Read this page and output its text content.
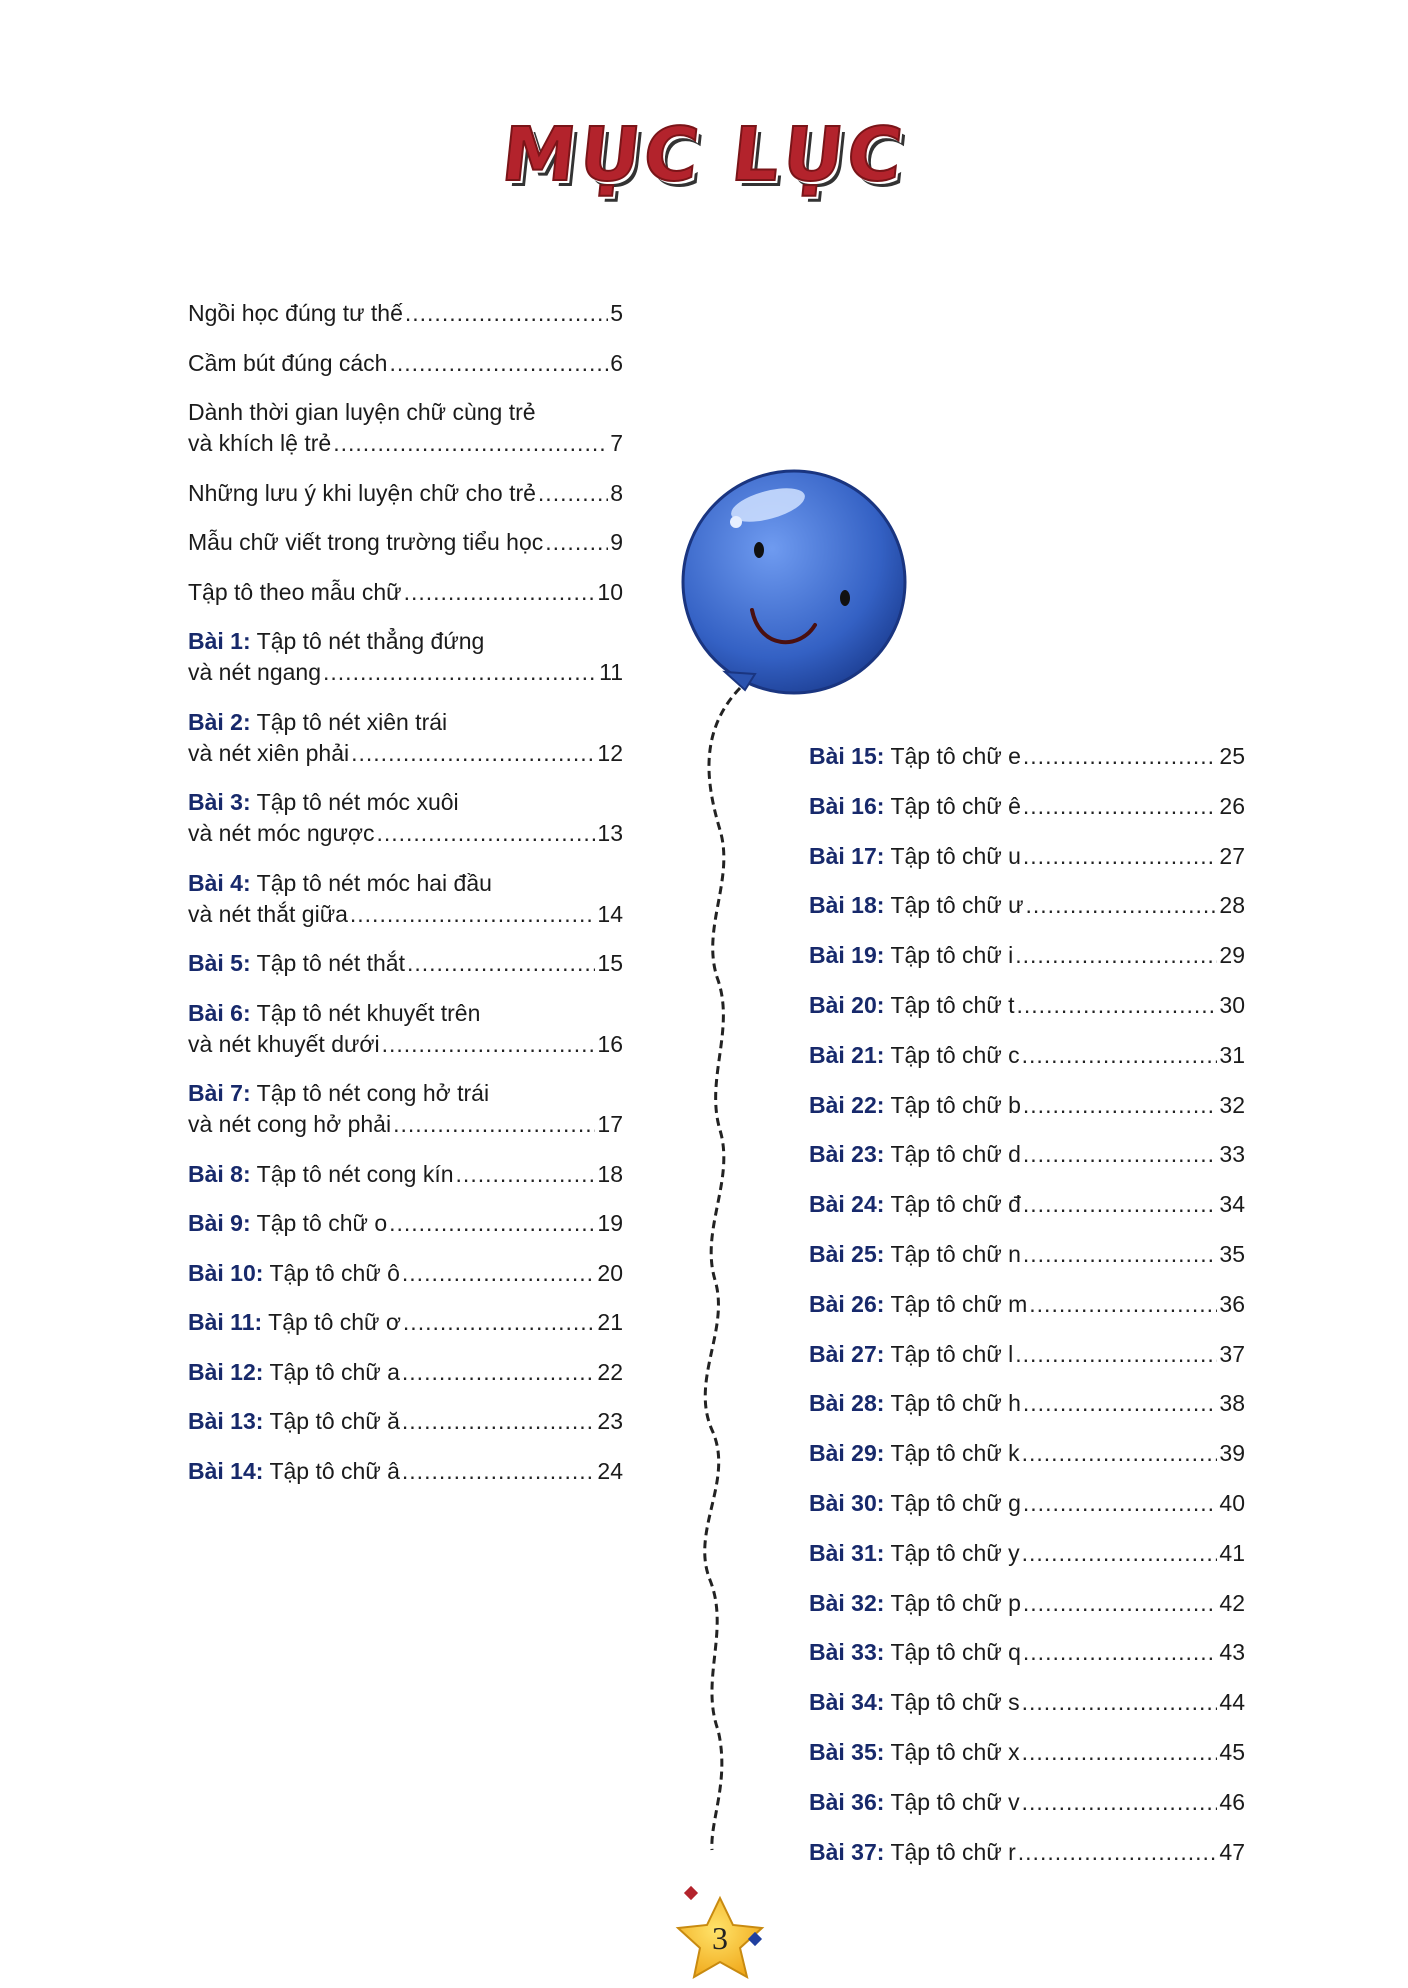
MỤC LỤC
Ngồi học đúng tư thế .....	5
Cầm bút đúng cách .....	6
Dành thời gian luyện chữ cùng trẻ
và khích lệ trẻ .....	7
Những lưu ý khi luyện chữ cho trẻ .....	8
Mẫu chữ viết trong trường tiểu học .....	9
Tập tô theo mẫu chữ .....	10
Bài 1: Tập tô nét thẳng đứng
và nét ngang .....	11
Bài 2: Tập tô nét xiên trái
và nét xiên phải .....	12
Bài 3: Tập tô nét móc xuôi
và nét móc ngược .....	13
Bài 4: Tập tô nét móc hai đầu
và nét thắt giữa .....	14
Bài 5: Tập tô nét thắt .....	15
Bài 6: Tập tô nét khuyết trên
và nét khuyết dưới .....	16
Bài 7: Tập tô nét cong hở trái
và nét cong hở phải .....	17
Bài 8: Tập tô nét cong kín .....	18
Bài 9: Tập tô chữ o .....	19
Bài 10: Tập tô chữ ô .....	20
Bài 11: Tập tô chữ ơ .....	21
Bài 12: Tập tô chữ a .....	22
Bài 13: Tập tô chữ ă .....	23
Bài 14: Tập tô chữ â .....	24
Bài 15: Tập tô chữ e .....	25
Bài 16: Tập tô chữ ê .....	26
Bài 17: Tập tô chữ u .....	27
Bài 18: Tập tô chữ ư .....	28
Bài 19: Tập tô chữ i .....	29
Bài 20: Tập tô chữ t .....	30
Bài 21: Tập tô chữ c .....	31
Bài 22: Tập tô chữ b .....	32
Bài 23: Tập tô chữ d .....	33
Bài 24: Tập tô chữ đ .....	34
Bài 25: Tập tô chữ n .....	35
Bài 26: Tập tô chữ m .....	36
Bài 27: Tập tô chữ l .....	37
Bài 28: Tập tô chữ h .....	38
Bài 29: Tập tô chữ k .....	39
Bài 30: Tập tô chữ g .....	40
Bài 31: Tập tô chữ y .....	41
Bài 32: Tập tô chữ p .....	42
Bài 33: Tập tô chữ q .....	43
Bài 34: Tập tô chữ s .....	44
Bài 35: Tập tô chữ x .....	45
Bài 36: Tập tô chữ v .....	46
Bài 37: Tập tô chữ r .....	47
3
